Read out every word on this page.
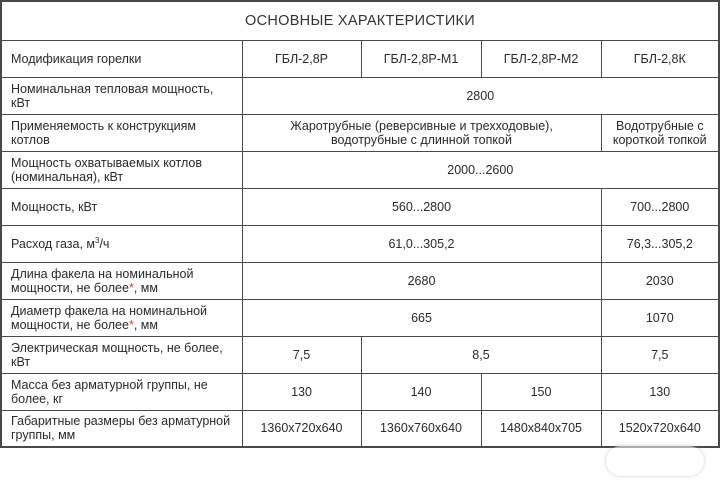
ОСНОВНЫЕ ХАРАКТЕРИСТИКИ				
Модификация горелки	ГБЛ-2,8Р	ГБЛ-2,8Р-М1	ГБЛ-2,8Р-М2	ГБЛ-2,8К
Номинальная тепловая мощность, кВт	2800			
Применяемость к конструкциям котлов	Жаротрубные (реверсивные и трехходовые), водотрубные с длинной топкой			Водотрубные с короткой топкой
Мощность охватываемых котлов (номинальная), кВт	2000...2600			
Мощность, кВт	560...2800			700...2800
Расход газа, $м^3/ч$	61,0...305,2			76,3...305,2
Длина факела на номинальной мощности, не более*, мм	2680			2030
Диаметр факела на номинальной мощности, не более*, мм	665			1070
Электрическая мощность, не более, кВт	7,5	8,5		7,5
Масса без арматурной группы, не более, кг	130	140	150	130
Габаритные размеры без арматурной группы, мм	1360x720x640	1360x760x640	1480x840x705	1520x720x640
